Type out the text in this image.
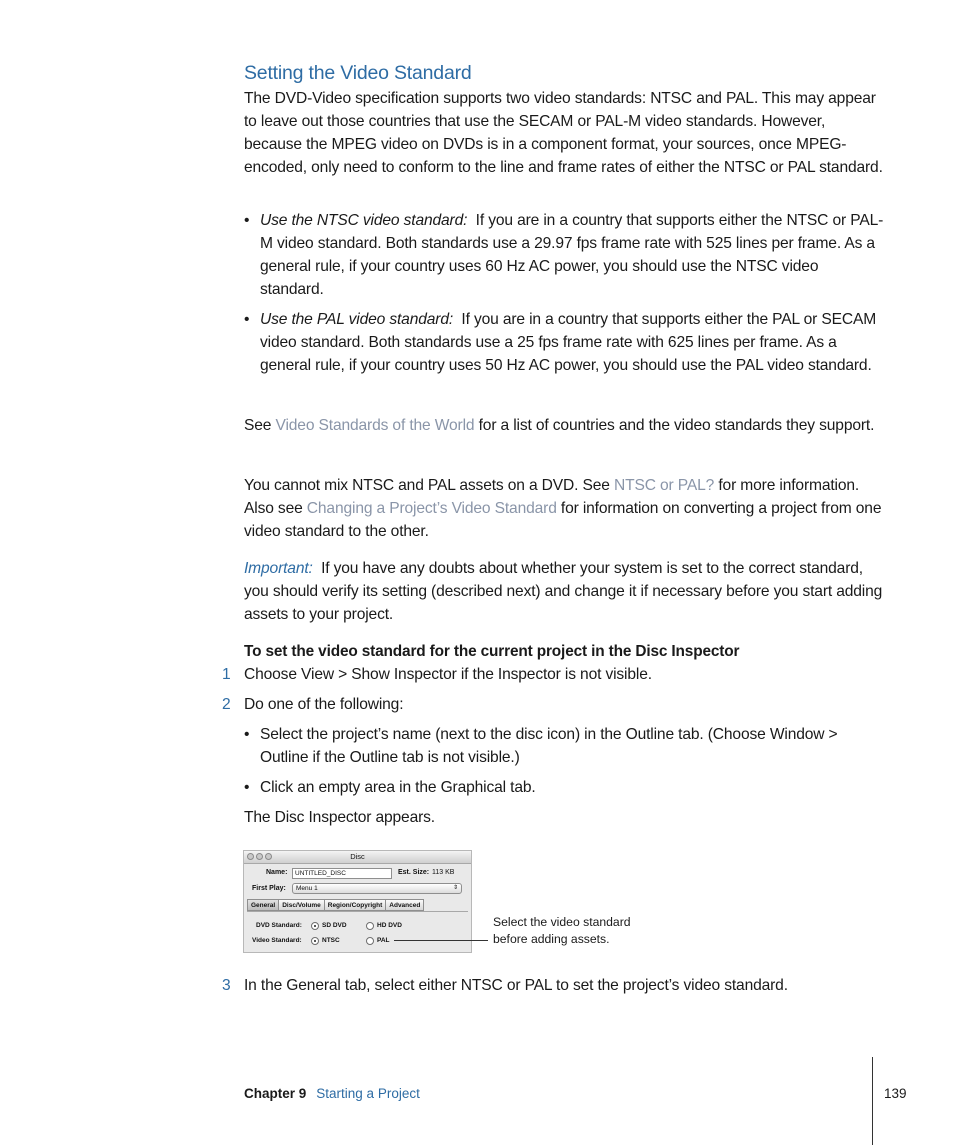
Setting the Video Standard

The DVD-Video specification supports two video standards: NTSC and PAL. This may appear to leave out those countries that use the SECAM or PAL-M video standards. However, because the MPEG video on DVDs is in a component format, your sources, once MPEG-encoded, only need to conform to the line and frame rates of either the NTSC or PAL standard.

• Use the NTSC video standard: If you are in a country that supports either the NTSC or PAL-M video standard. Both standards use a 29.97 fps frame rate with 525 lines per frame. As a general rule, if your country uses 60 Hz AC power, you should use the NTSC video standard.
• Use the PAL video standard: If you are in a country that supports either the PAL or SECAM video standard. Both standards use a 25 fps frame rate with 625 lines per frame. As a general rule, if your country uses 50 Hz AC power, you should use the PAL video standard.

See Video Standards of the World for a list of countries and the video standards they support.

You cannot mix NTSC and PAL assets on a DVD. See NTSC or PAL? for more information. Also see Changing a Project’s Video Standard for information on converting a project from one video standard to the other.

Important: If you have any doubts about whether your system is set to the correct standard, you should verify its setting (described next) and change it if necessary before you start adding assets to your project.

To set the video standard for the current project in the Disc Inspector

1 Choose View > Show Inspector if the Inspector is not visible.

2 Do one of the following:

• Select the project’s name (next to the disc icon) in the Outline tab. (Choose Window > Outline if the Outline tab is not visible.)
• Click an empty area in the Graphical tab.

The Disc Inspector appears.

Disc
Name:	UNTITLED_DISC	Est. Size: 113 KB
First Play:	Menu 1	⇕
General Disc/Volume Region/Copyright Advanced
DVD Standard:	SD DVD	HD DVD
Video Standard:	NTSC	PAL
Select the video standard
before adding assets.
3 In the General tab, select either NTSC or PAL to set the project’s video standard.

Chapter 9 Starting a Project	139
